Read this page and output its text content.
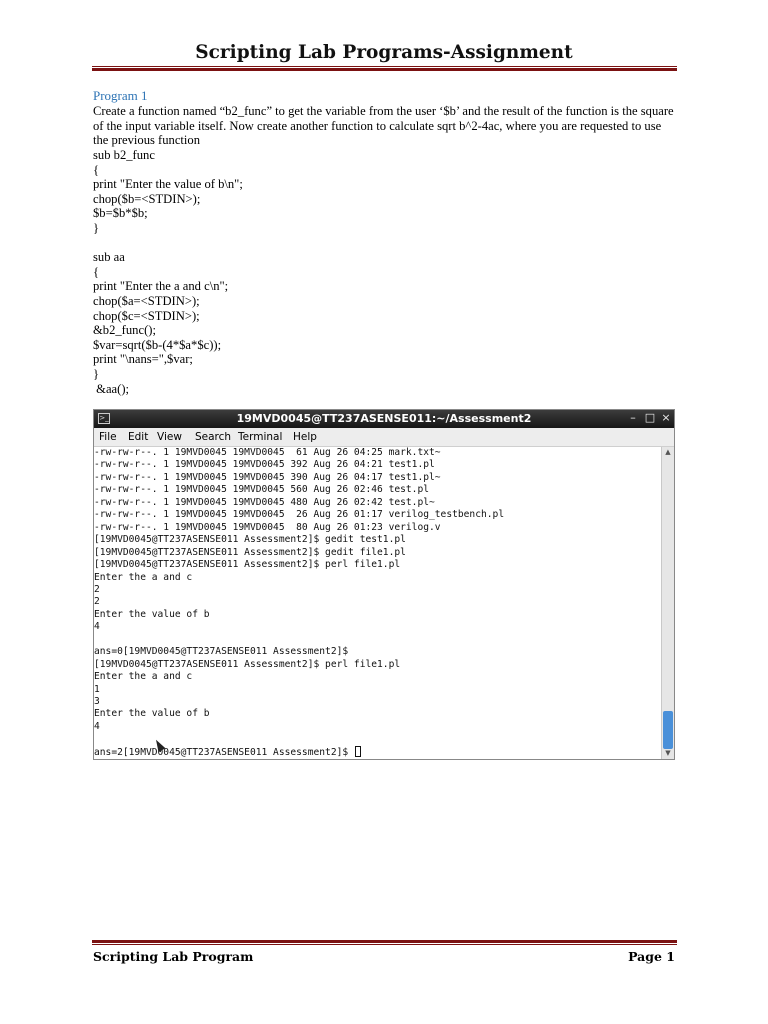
Scripting Lab Programs-Assignment
Program 1
Create a function named “b2_func” to get the variable from the user ‘$b’ and the result of the function is the square of the input variable itself. Now create another function to calculate sqrt b^2-4ac, where you are requested to use the previous function
sub b2_func
{
print "Enter the value of b\n";
chop($b=<STDIN>);
$b=$b*$b;
}

sub aa
{
print "Enter the a and c\n";
chop($a=<STDIN>);
chop($c=<STDIN>);
&b2_func();
$var=sqrt($b-(4*$a*$c));
print "\nans=",$var;
}
&aa();
>_	19MVD0045@TT237ASENSE011:~/Assessment2	– □ ×
File Edit View Search Terminal Help
-rw-rw-r--. 1 19MVD0045 19MVD0045  61 Aug 26 04:25 mark.txt~
-rw-rw-r--. 1 19MVD0045 19MVD0045 392 Aug 26 04:21 test1.pl
-rw-rw-r--. 1 19MVD0045 19MVD0045 390 Aug 26 04:17 test1.pl~
-rw-rw-r--. 1 19MVD0045 19MVD0045 560 Aug 26 02:46 test.pl
-rw-rw-r--. 1 19MVD0045 19MVD0045 480 Aug 26 02:42 test.pl~
-rw-rw-r--. 1 19MVD0045 19MVD0045  26 Aug 26 01:17 verilog_testbench.pl
-rw-rw-r--. 1 19MVD0045 19MVD0045  80 Aug 26 01:23 verilog.v
[19MVD0045@TT237ASENSE011 Assessment2]$ gedit test1.pl
[19MVD0045@TT237ASENSE011 Assessment2]$ gedit file1.pl
[19MVD0045@TT237ASENSE011 Assessment2]$ perl file1.pl
Enter the a and c
2
2
Enter the value of b
4
ans=0[19MVD0045@TT237ASENSE011 Assessment2]$
[19MVD0045@TT237ASENSE011 Assessment2]$ perl file1.pl
Enter the a and c
1
3
Enter the value of b
4
ans=2[19MVD0045@TT237ASENSE011 Assessment2]$
▲
▼
Scripting Lab Program	Page 1
